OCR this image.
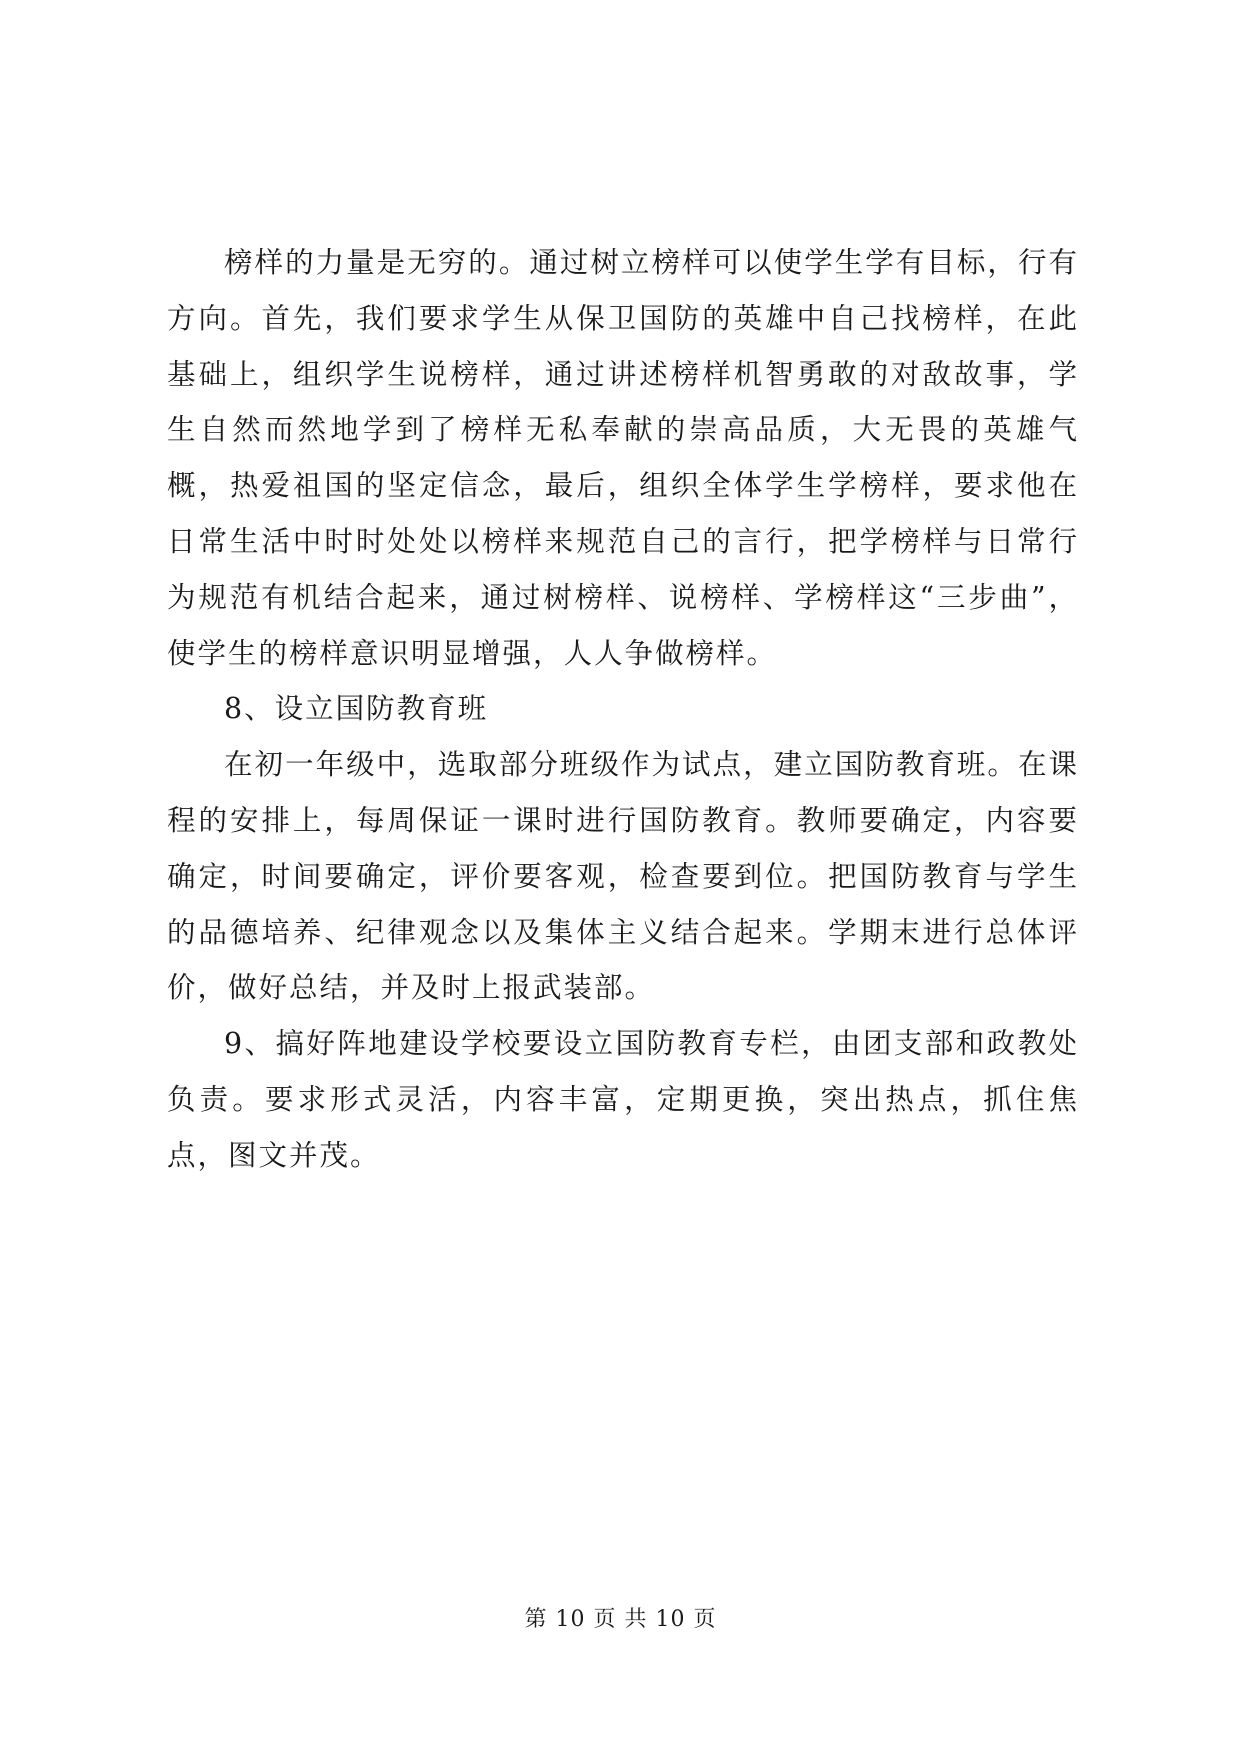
榜样的力量是无穷的。通过树立榜样可以使学生学有目标，行有方向。首先，我们要求学生从保卫国防的英雄中自己找榜样，在此基础上，组织学生说榜样，通过讲述榜样机智勇敢的对敌故事，学生自然而然地学到了榜样无私奉献的崇高品质，大无畏的英雄气概，热爱祖国的坚定信念，最后，组织全体学生学榜样，要求他在日常生活中时时处处以榜样来规范自己的言行，把学榜样与日常行为规范有机结合起来，通过树榜样、说榜样、学榜样这“三步曲”，使学生的榜样意识明显增强，人人争做榜样。

8、设立国防教育班

在初一年级中，选取部分班级作为试点，建立国防教育班。在课程的安排上，每周保证一课时进行国防教育。教师要确定，内容要确定，时间要确定，评价要客观，检查要到位。把国防教育与学生的品德培养、纪律观念以及集体主义结合起来。学期末进行总体评价，做好总结，并及时上报武装部。

9、搞好阵地建设学校要设立国防教育专栏，由团支部和政教处负责。要求形式灵活，内容丰富，定期更换，突出热点，抓住焦点，图文并茂。

第 10 页 共 10 页
